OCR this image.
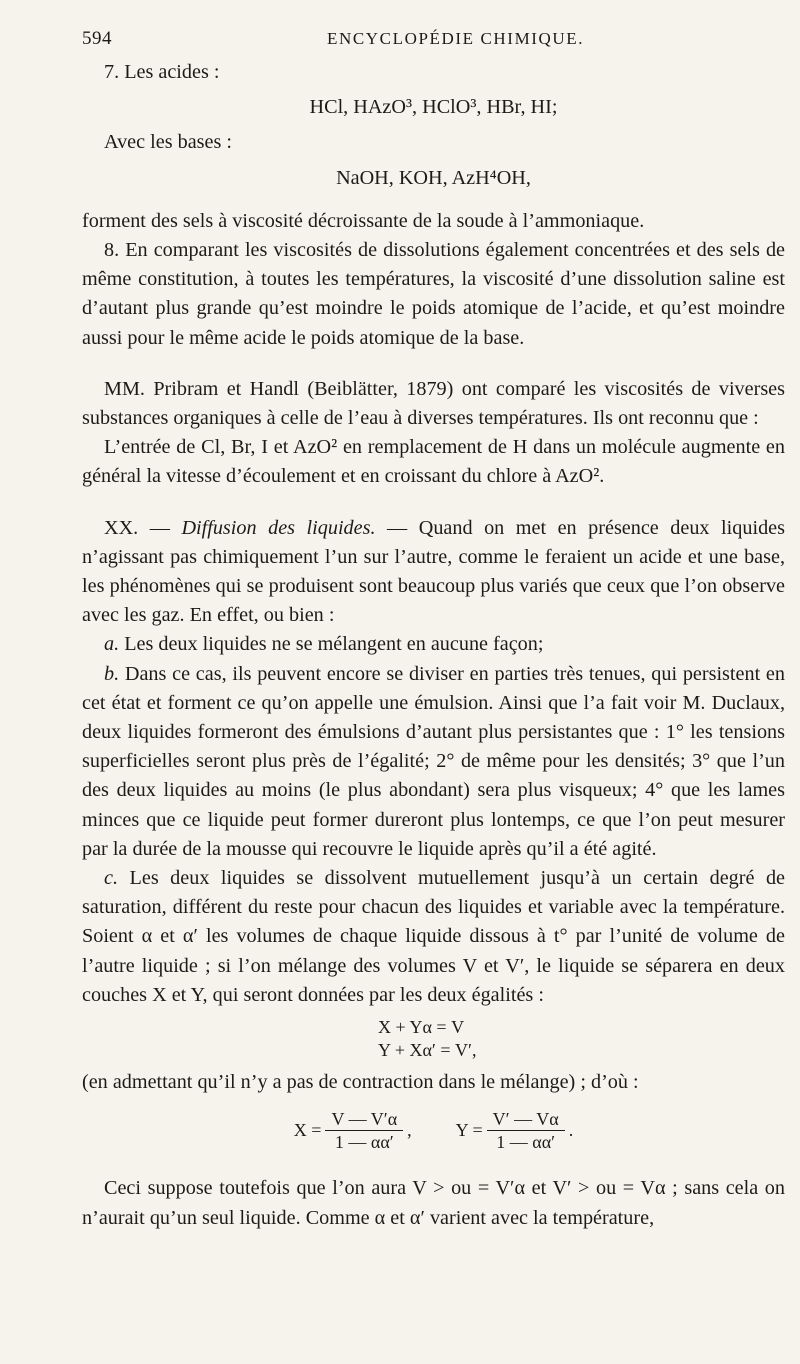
594	ENCYCLOPÉDIE CHIMIQUE.

7. Les acides :

HCl, HAzO³, HClO³, HBr, HI;

Avec les bases :

NaOH, KOH, AzH⁴OH,

forment des sels à viscosité décroissante de la soude à l’ammoniaque.

8. En comparant les viscosités de dissolutions également concentrées et des sels de même constitution, à toutes les températures, la viscosité d’une dissolution saline est d’autant plus grande qu’est moindre le poids atomique de l’acide, et qu’est moindre aussi pour le même acide le poids atomique de la base.

MM. Pribram et Handl (Beiblätter, 1879) ont comparé les viscosités de viverses substances organiques à celle de l’eau à diverses températures. Ils ont reconnu que :

L’entrée de Cl, Br, I et AzO² en remplacement de H dans un molécule augmente en général la vitesse d’écoulement et en croissant du chlore à AzO².

XX. — Diffusion des liquides. — Quand on met en présence deux liquides n’agissant pas chimiquement l’un sur l’autre, comme le feraient un acide et une base, les phénomènes qui se produisent sont beaucoup plus variés que ceux que l’on observe avec les gaz. En effet, ou bien :

a. Les deux liquides ne se mélangent en aucune façon;

b. Dans ce cas, ils peuvent encore se diviser en parties très tenues, qui persistent en cet état et forment ce qu’on appelle une émulsion. Ainsi que l’a fait voir M. Duclaux, deux liquides formeront des émulsions d’autant plus persistantes que : 1° les tensions superficielles seront plus près de l’égalité; 2° de même pour les densités; 3° que l’un des deux liquides au moins (le plus abondant) sera plus visqueux; 4° que les lames minces que ce liquide peut former dureront plus lontemps, ce que l’on peut mesurer par la durée de la mousse qui recouvre le liquide après qu’il a été agité.

c. Les deux liquides se dissolvent mutuellement jusqu’à un certain degré de saturation, différent du reste pour chacun des liquides et variable avec la température. Soient α et α′ les volumes de chaque liquide dissous à t° par l’unité de volume de l’autre liquide ; si l’on mélange des volumes V et V′, le liquide se séparera en deux couches X et Y, qui seront données par les deux égalités :

X + Yα = V
Y + Xα′ = V′,

(en admettant qu’il n’y a pas de contraction dans le mélange) ; d’où :

$X = \frac{V — V'\alpha}{1 — \alpha\alpha'}$ , $Y = \frac{V' — V\alpha}{1 — \alpha\alpha'}$ .

Ceci suppose toutefois que l’on aura V > ou = V′α et V′ > ou = Vα ; sans cela on n’aurait qu’un seul liquide. Comme α et α′ varient avec la température,
